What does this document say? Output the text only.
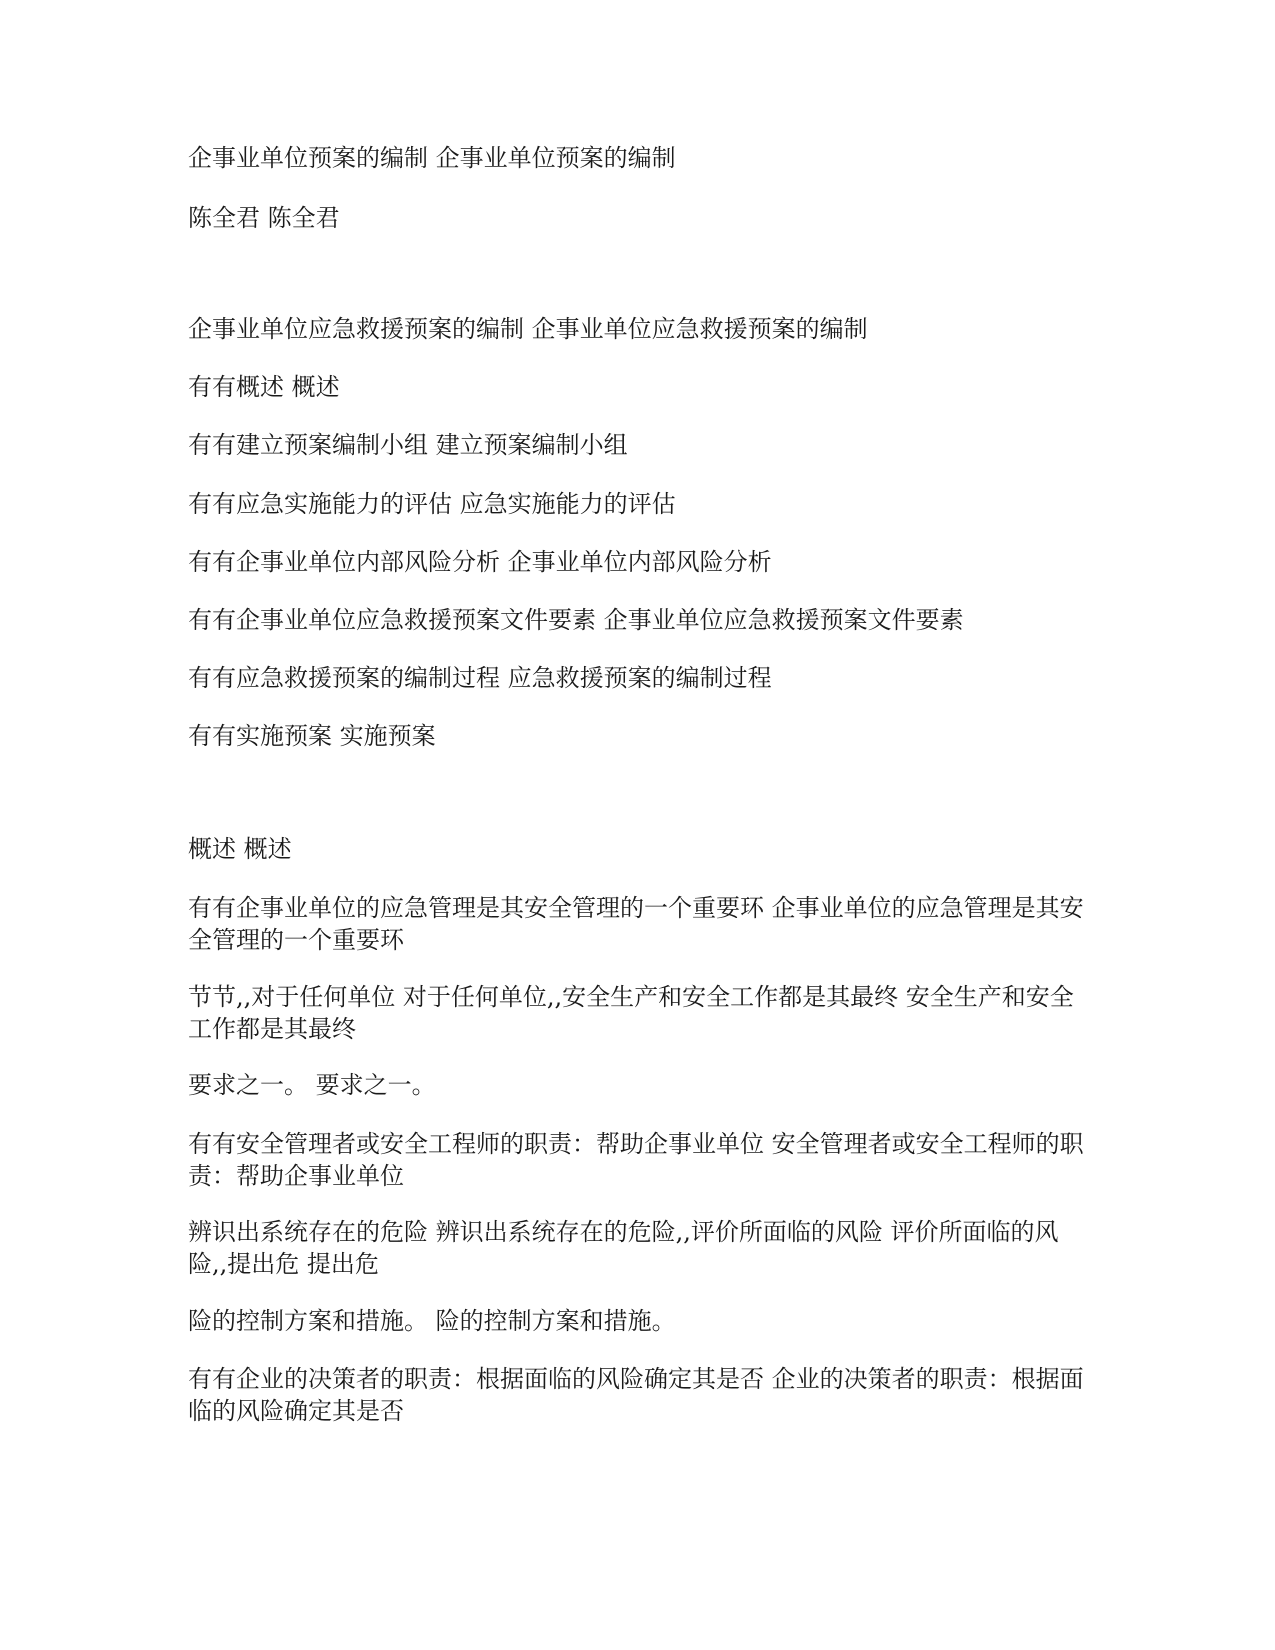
企事业单位预案的编制 企事业单位预案的编制

陈全君 陈全君

企事业单位应急救援预案的编制 企事业单位应急救援预案的编制

有有概述 概述

有有建立预案编制小组 建立预案编制小组

有有应急实施能力的评估 应急实施能力的评估

有有企事业单位内部风险分析 企事业单位内部风险分析

有有企事业单位应急救援预案文件要素 企事业单位应急救援预案文件要素

有有应急救援预案的编制过程 应急救援预案的编制过程

有有实施预案 实施预案

概述 概述

有有企事业单位的应急管理是其安全管理的一个重要环 企事业单位的应急管理是其安全管理的一个重要环

节节,,对于任何单位 对于任何单位,,安全生产和安全工作都是其最终 安全生产和安全工作都是其最终

要求之一。 要求之一。

有有安全管理者或安全工程师的职责：帮助企事业单位 安全管理者或安全工程师的职责：帮助企事业单位

辨识出系统存在的危险 辨识出系统存在的危险,,评价所面临的风险 评价所面临的风险,,提出危 提出危

险的控制方案和措施。 险的控制方案和措施。

有有企业的决策者的职责：根据面临的风险确定其是否 企业的决策者的职责：根据面临的风险确定其是否
